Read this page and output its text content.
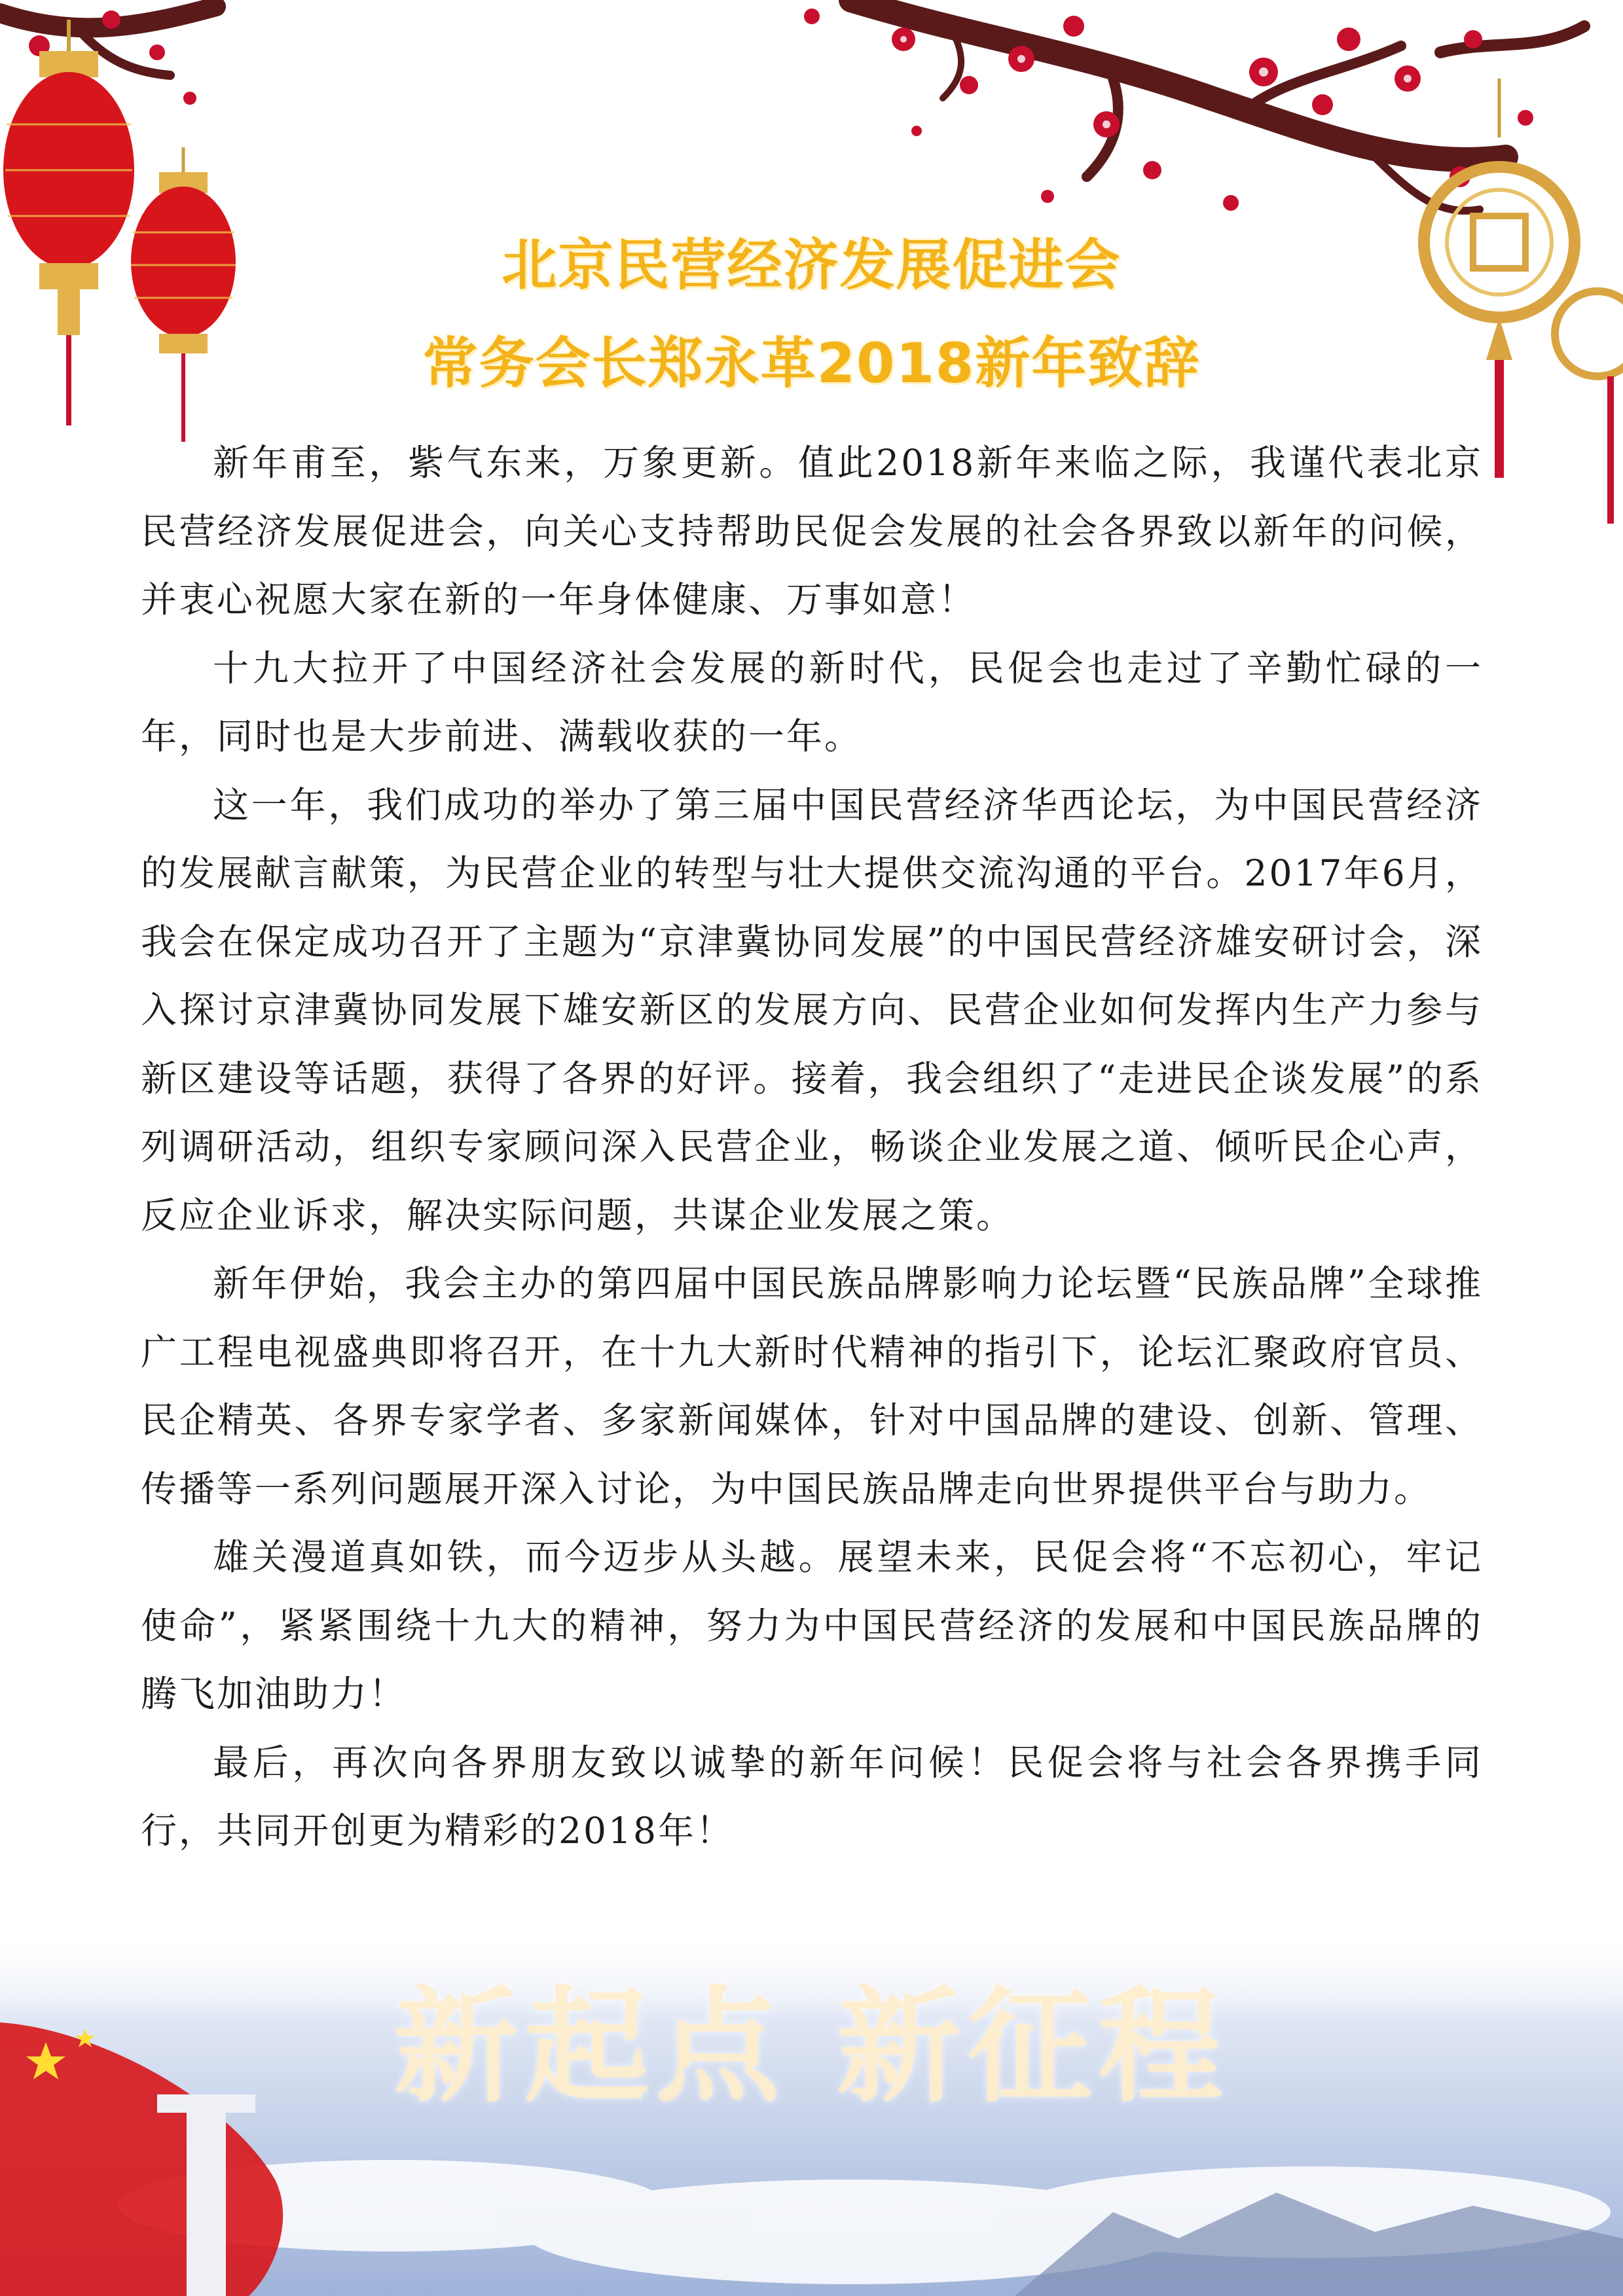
北京民营经济发展促进会
常务会长郑永革2018新年致辞

新年甫至，紫气东来，万象更新。值此2018新年来临之际，我谨代表北京民营经济发展促进会，向关心支持帮助民促会发展的社会各界致以新年的问候，并衷心祝愿大家在新的一年身体健康、万事如意！

十九大拉开了中国经济社会发展的新时代，民促会也走过了辛勤忙碌的一年，同时也是大步前进、满载收获的一年。

这一年，我们成功的举办了第三届中国民营经济华西论坛，为中国民营经济的发展献言献策，为民营企业的转型与壮大提供交流沟通的平台。2017年6月，我会在保定成功召开了主题为“京津冀协同发展”的中国民营经济雄安研讨会，深入探讨京津冀协同发展下雄安新区的发展方向、民营企业如何发挥内生产力参与新区建设等话题，获得了各界的好评。接着，我会组织了“走进民企谈发展”的系列调研活动，组织专家顾问深入民营企业，畅谈企业发展之道、倾听民企心声，反应企业诉求，解决实际问题，共谋企业发展之策。

新年伊始，我会主办的第四届中国民族品牌影响力论坛暨“民族品牌”全球推广工程电视盛典即将召开，在十九大新时代精神的指引下，论坛汇聚政府官员、民企精英、各界专家学者、多家新闻媒体，针对中国品牌的建设、创新、管理、传播等一系列问题展开深入讨论，为中国民族品牌走向世界提供平台与助力。

雄关漫道真如铁，而今迈步从头越。展望未来，民促会将“不忘初心，牢记使命”，紧紧围绕十九大的精神，努力为中国民营经济的发展和中国民族品牌的腾飞加油助力！

最后，再次向各界朋友致以诚挚的新年问候！民促会将与社会各界携手同行，共同开创更为精彩的2018年！

新起点 新征程
